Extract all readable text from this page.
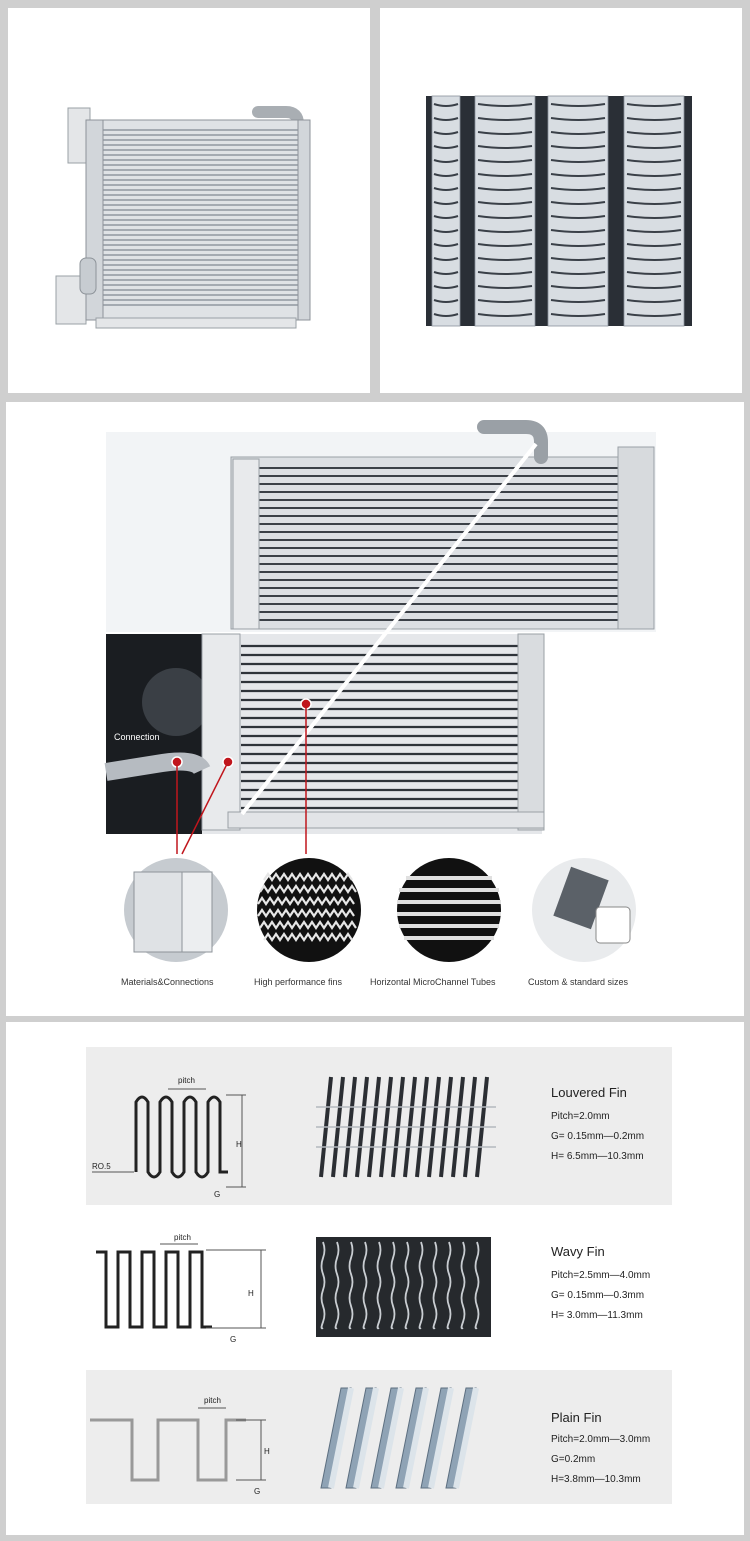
Materials&Connections	High performance fins	Horizontal MicroChannel Tubes	Custom & standard sizes
Connection
pitch
H
G
RO.5
Louvered Fin
Pitch=2.0mm
G= 0.15mm—0.2mm
H= 6.5mm—10.3mm
pitch
H
G
Wavy Fin
Pitch=2.5mm—4.0mm
G= 0.15mm—0.3mm
H= 3.0mm—11.3mm
pitch
H
G
Plain Fin
Pitch=2.0mm—3.0mm
G=0.2mm
H=3.8mm—10.3mm
